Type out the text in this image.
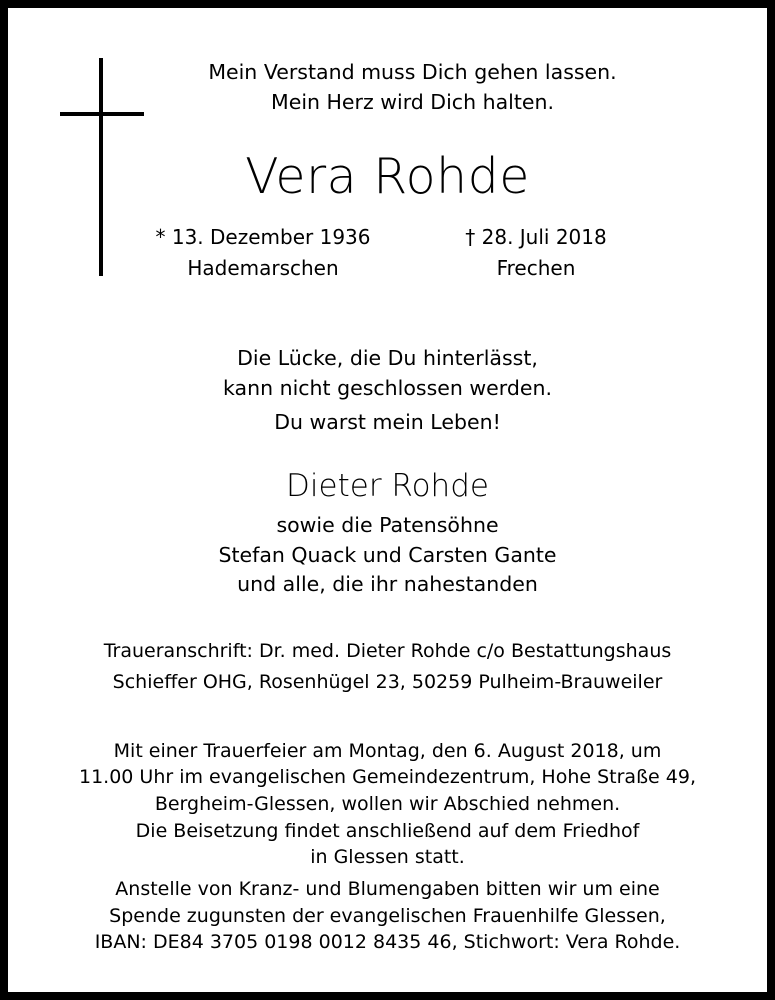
Mein Verstand muss Dich gehen lassen.
Mein Herz wird Dich halten.
Vera Rohde
* 13. Dezember 1936
Hademarschen
† 28. Juli 2018
Frechen
Die Lücke, die Du hinterlässt,
kann nicht geschlossen werden.
Du warst mein Leben!
Dieter Rohde
sowie die Patensöhne
Stefan Quack und Carsten Gante
und alle, die ihr nahestanden
Traueranschrift: Dr. med. Dieter Rohde c/o Bestattungshaus
Schieffer OHG, Rosenhügel 23, 50259 Pulheim-Brauweiler
Mit einer Trauerfeier am Montag, den 6. August 2018, um
11.00 Uhr im evangelischen Gemeindezentrum, Hohe Straße 49,
Bergheim-Glessen, wollen wir Abschied nehmen.
Die Beisetzung findet anschließend auf dem Friedhof
in Glessen statt.
Anstelle von Kranz- und Blumengaben bitten wir um eine
Spende zugunsten der evangelischen Frauenhilfe Glessen,
IBAN: DE84 3705 0198 0012 8435 46, Stichwort: Vera Rohde.
